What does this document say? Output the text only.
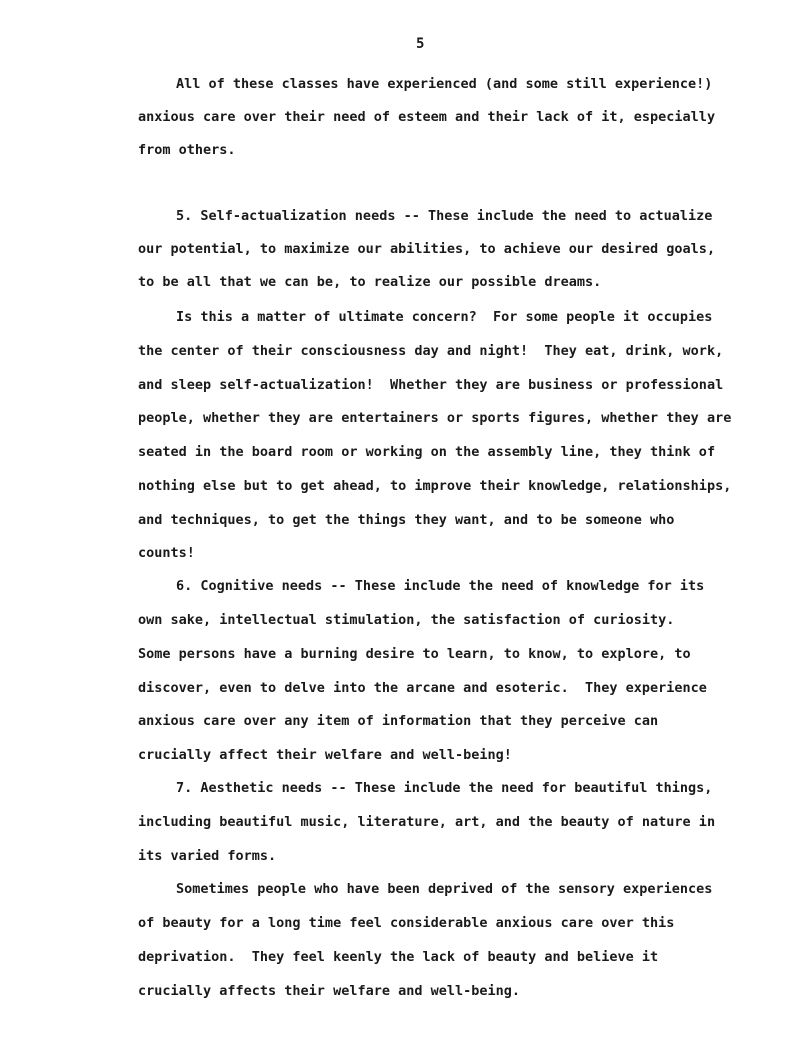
5
All of these classes have experienced (and some still experience!)
anxious care over their need of esteem and their lack of it, especially
from others.
5. Self-actualization needs -- These include the need to actualize
our potential, to maximize our abilities, to achieve our desired goals,
to be all that we can be, to realize our possible dreams.
Is this a matter of ultimate concern?  For some people it occupies
the center of their consciousness day and night!  They eat, drink, work,
and sleep self-actualization!  Whether they are business or professional
people, whether they are entertainers or sports figures, whether they are
seated in the board room or working on the assembly line, they think of
nothing else but to get ahead, to improve their knowledge, relationships,
and techniques, to get the things they want, and to be someone who
counts!
6. Cognitive needs -- These include the need of knowledge for its
own sake, intellectual stimulation, the satisfaction of curiosity.
Some persons have a burning desire to learn, to know, to explore, to
discover, even to delve into the arcane and esoteric.  They experience
anxious care over any item of information that they perceive can
crucially affect their welfare and well-being!
7. Aesthetic needs -- These include the need for beautiful things,
including beautiful music, literature, art, and the beauty of nature in
its varied forms.
Sometimes people who have been deprived of the sensory experiences
of beauty for a long time feel considerable anxious care over this
deprivation.  They feel keenly the lack of beauty and believe it
crucially affects their welfare and well-being.
